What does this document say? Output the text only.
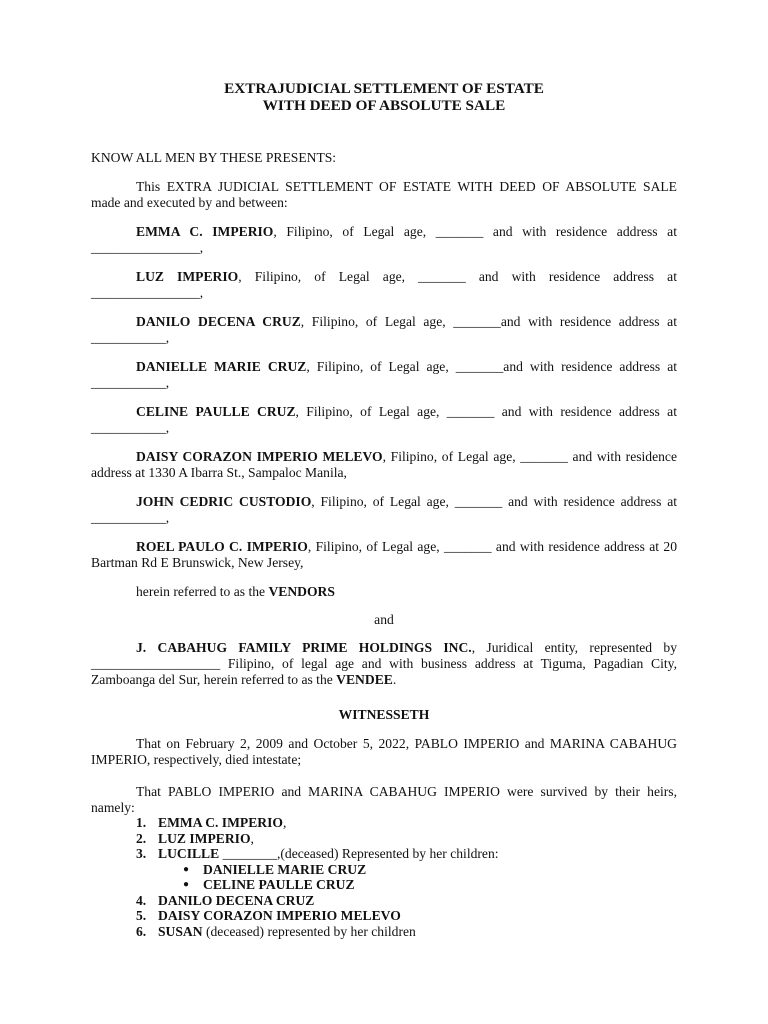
EXTRAJUDICIAL SETTLEMENT OF ESTATE
WITH DEED OF ABSOLUTE SALE

KNOW ALL MEN BY THESE PRESENTS:

This EXTRA JUDICIAL SETTLEMENT OF ESTATE WITH DEED OF ABSOLUTE SALE made and executed by and between:

EMMA C. IMPERIO, Filipino, of Legal age, _______ and with residence address at ________________,

LUZ IMPERIO, Filipino, of Legal age, _______ and with residence address at ________________,

DANILO DECENA CRUZ, Filipino, of Legal age, _______and with residence address at ___________,

DANIELLE MARIE CRUZ, Filipino, of Legal age, _______and with residence address at ___________,

CELINE PAULLE CRUZ, Filipino, of Legal age, _______ and with residence address at ___________,

DAISY CORAZON IMPERIO MELEVO, Filipino, of Legal age, _______ and with residence address at 1330 A Ibarra St., Sampaloc Manila,

JOHN CEDRIC CUSTODIO, Filipino, of Legal age, _______ and with residence address at ___________,

ROEL PAULO C. IMPERIO, Filipino, of Legal age, _______ and with residence address at 20 Bartman Rd E Brunswick, New Jersey,

herein referred to as the VENDORS

and

J. CABAHUG FAMILY PRIME HOLDINGS INC., Juridical entity, represented by ___________________ Filipino, of legal age and with business address at Tiguma, Pagadian City, Zamboanga del Sur, herein referred to as the VENDEE.

WITNESSETH

That on February 2, 2009 and October 5, 2022, PABLO IMPERIO and MARINA CABAHUG IMPERIO, respectively, died intestate;

That PABLO IMPERIO and MARINA CABAHUG IMPERIO were survived by their heirs, namely:

1. EMMA C. IMPERIO,
2. LUZ IMPERIO,
3. LUCILLE ________,(deceased) Represented by her children:
● DANIELLE MARIE CRUZ
● CELINE PAULLE CRUZ
4. DANILO DECENA CRUZ
5. DAISY CORAZON IMPERIO MELEVO
6. SUSAN (deceased) represented by her children
